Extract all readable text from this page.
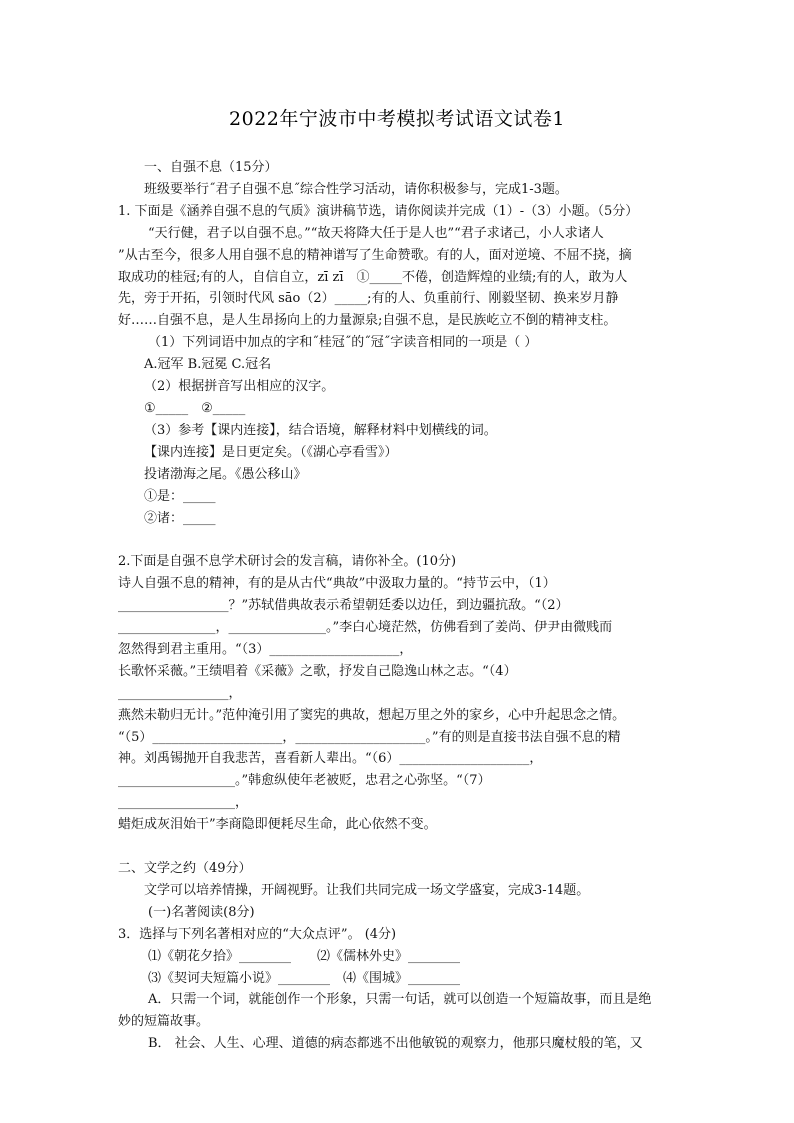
2022年宁波市中考模拟考试语文试卷1

一、自强不息（15分）

班级要举行˝君子自强不息˝综合性学习活动，请你积极参与，完成1-3题。

1. 下面是《涵养自强不息的气质》演讲稿节选，请你阅读并完成（1）-（3）小题。（5分）

“天行健，君子以自强不息。”“故天将降大任于是人也”“君子求诸己，小人求诸人

”从古至今，很多人用自强不息的精神谱写了生命赞歌。有的人，面对逆境、不屈不挠，摘

取成功的桂冠;有的人，自信自立，zī zī　①_____不倦，创造辉煌的业绩;有的人，敢为人

先，旁于开拓，引领时代风 sāo（2）_____;有的人、负重前行、刚毅坚韧、换来岁月静

好……自强不息，是人生昂扬向上的力量源泉;自强不息，是民族屹立不倒的精神支柱。

（1）下列词语中加点的字和˝桂冠˝的˝冠˝字读音相同的一项是（ ）

A.冠军 B.冠冕 C.冠名

（2）根据拼音写出相应的汉字。

①_____　②_____

（3）参考【课内连接】，结合语境，解释材料中划横线的词。

【课内连接】是日更定矣。（《湖心亭看雪》）

投诸渤海之尾。《愚公移山》

①是：_____

②诸：_____

2.下面是自强不息学术研讨会的发言稿，请你补全。(10分)

诗人自强不息的精神，有的是从古代“典故”中汲取力量的。“持节云中，（1）

_________________？”苏轼借典故表示希望朝廷委以边任，到边疆抗敌。“（2）

_______________，_______________。”李白心境茫然，仿佛看到了姜尚、伊尹由微贱而

忽然得到君主重用。“（3）____________________，

长歌怀采薇。”王绩唱着《采薇》之歌，抒发自己隐逸山林之志。“（4）

_________________，

燕然未勒归无计。”范仲淹引用了窦宪的典故，想起万里之外的家乡，心中升起思念之情。

“（5）____________________，____________________。”有的则是直接书法自强不息的精

神。刘禹锡抛开自我悲苦，喜看新人辈出。“（6）____________________，

__________________。”韩愈纵使年老被贬，忠君之心弥坚。“（7）

__________________，

蜡炬成灰泪始干”李商隐即便耗尽生命，此心依然不变。

二、文学之约（49分）

文学可以培养情操，开阔视野。让我们共同完成一场文学盛宴，完成3-14题。

(一)名著阅读(8分)

3．选择与下列名著相对应的“大众点评”。 (4分)

⑴《朝花夕拾》________　　⑵《儒林外史》________

⑶《契诃夫短篇小说》________　⑷《围城》________

A．只需一个词，就能创作一个形象，只需一句话，就可以创造一个短篇故事，而且是绝

妙的短篇故事。

B． 社会、人生、心理、道德的病态都逃不出他敏锐的观察力，他那只魔杖般的笔，又
